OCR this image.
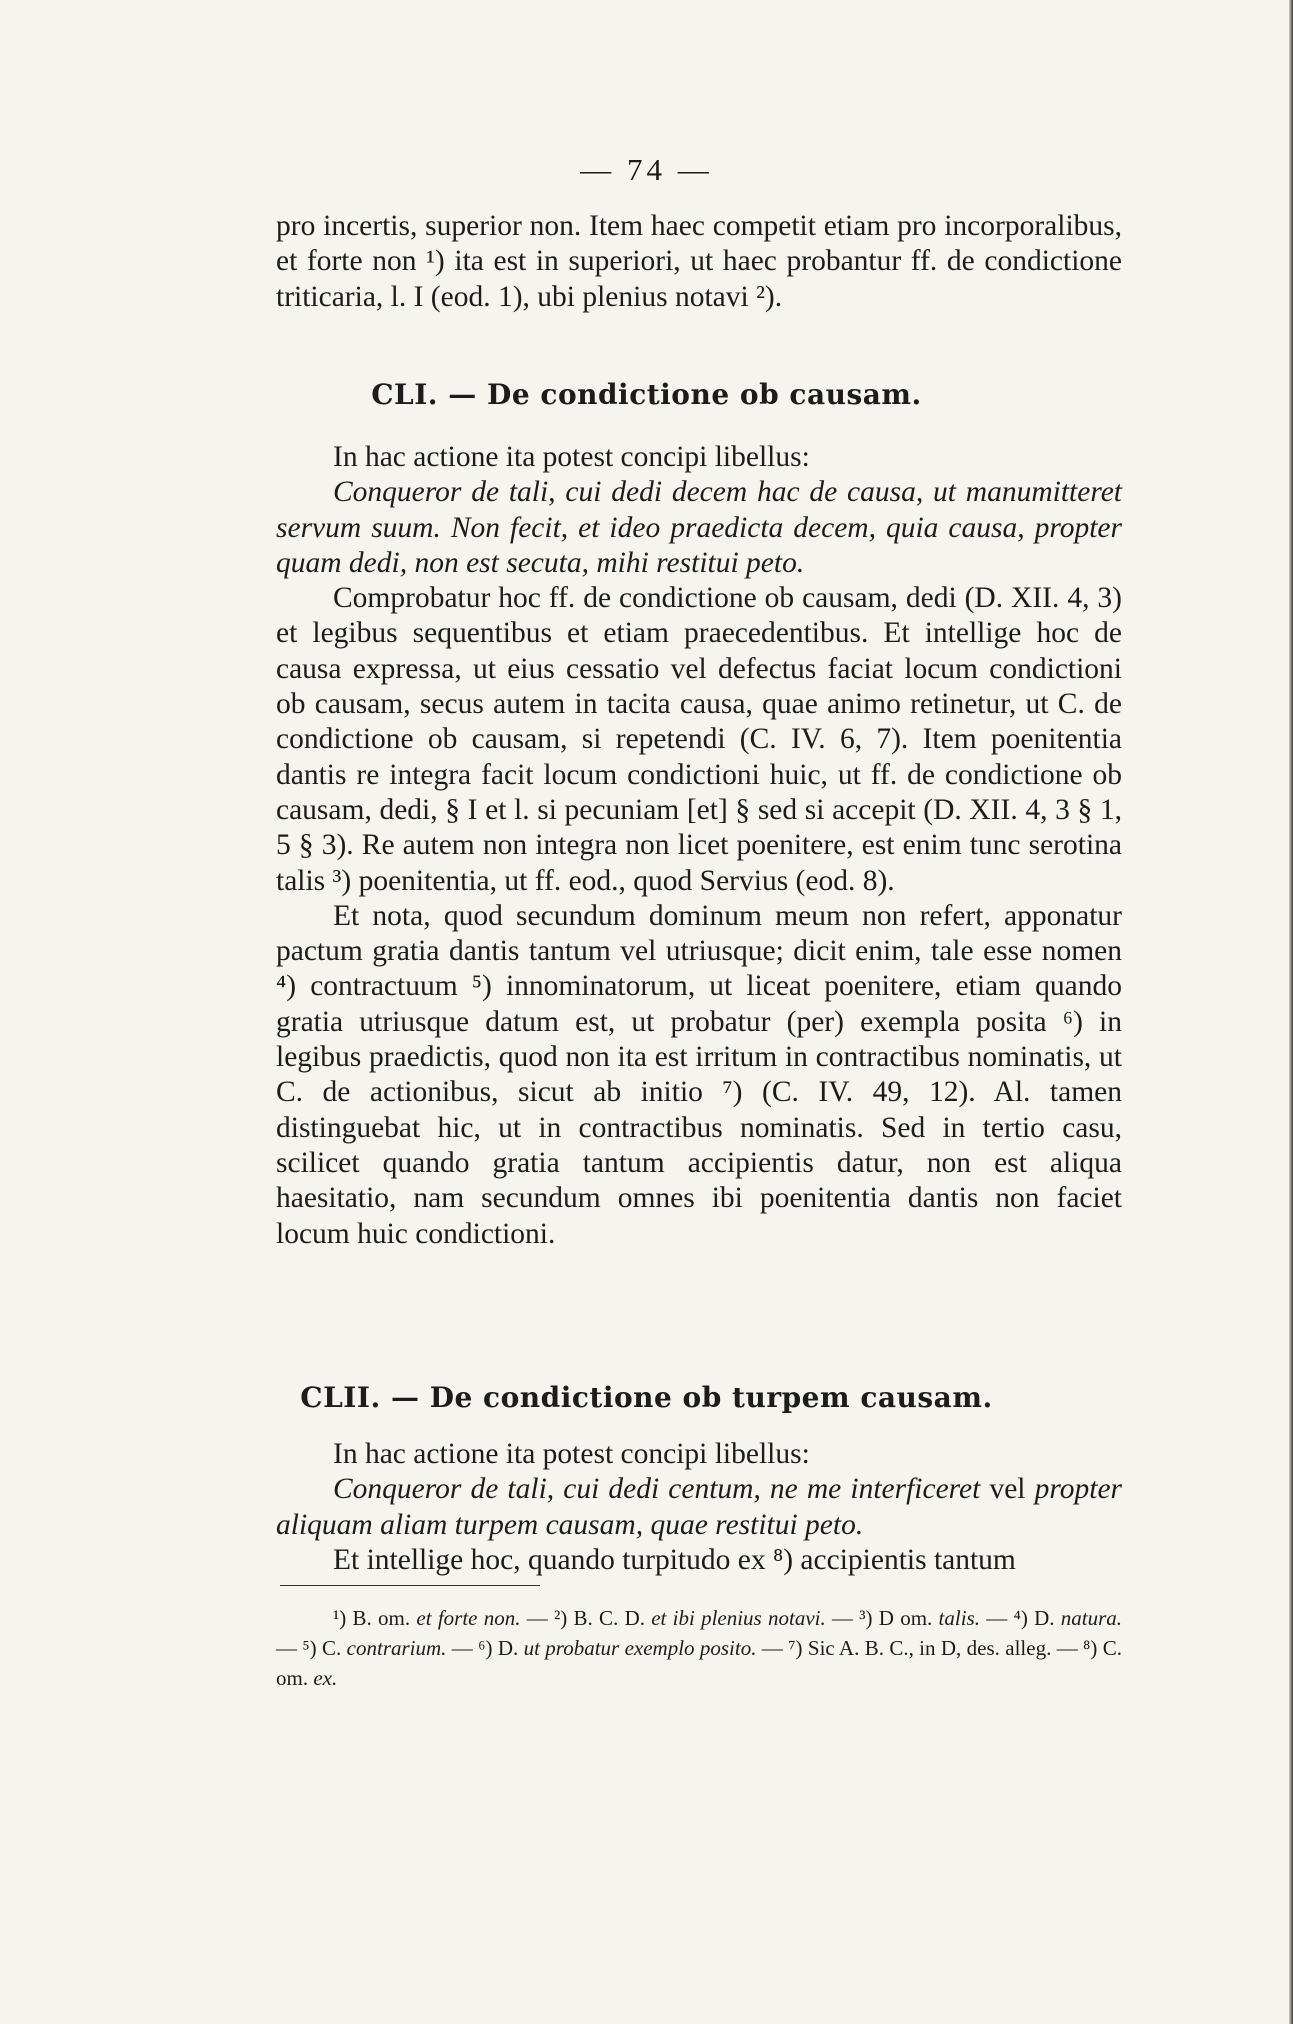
— 74 —

pro incertis, superior non. Item haec competit etiam pro incorporalibus, et forte non ¹) ita est in superiori, ut haec probantur ff. de condictione triticaria, l. I (eod. 1), ubi plenius notavi ²).

CLI. — De condictione ob causam.

In hac actione ita potest concipi libellus:

Conqueror de tali, cui dedi decem hac de causa, ut manumitteret servum suum. Non fecit, et ideo praedicta decem, quia causa, propter quam dedi, non est secuta, mihi restitui peto.

Comprobatur hoc ff. de condictione ob causam, dedi (D. XII. 4, 3) et legibus sequentibus et etiam praecedentibus. Et intellige hoc de causa expressa, ut eius cessatio vel defectus faciat locum condictioni ob causam, secus autem in tacita causa, quae animo retinetur, ut C. de condictione ob causam, si repetendi (C. IV. 6, 7). Item poenitentia dantis re integra facit locum condictioni huic, ut ff. de condictione ob causam, dedi, § I et l. si pecuniam [et] § sed si accepit (D. XII. 4, 3 § 1, 5 § 3). Re autem non integra non licet poenitere, est enim tunc serotina talis ³) poenitentia, ut ff. eod., quod Servius (eod. 8).

Et nota, quod secundum dominum meum non refert, apponatur pactum gratia dantis tantum vel utriusque; dicit enim, tale esse nomen ⁴) contractuum ⁵) innominatorum, ut liceat poenitere, etiam quando gratia utriusque datum est, ut probatur (per) exempla posita ⁶) in legibus praedictis, quod non ita est irritum in contractibus nominatis, ut C. de actionibus, sicut ab initio ⁷) (C. IV. 49, 12). Al. tamen distinguebat hic, ut in contractibus nominatis. Sed in tertio casu, scilicet quando gratia tantum accipientis datur, non est aliqua haesitatio, nam secundum omnes ibi poenitentia dantis non faciet locum huic condictioni.

CLII. — De condictione ob turpem causam.

In hac actione ita potest concipi libellus:

Conqueror de tali, cui dedi centum, ne me interficeret vel propter aliquam aliam turpem causam, quae restitui peto.

Et intellige hoc, quando turpitudo ex ⁸) accipientis tantum

¹) B. om. et forte non. — ²) B. C. D. et ibi plenius notavi. — ³) D om. talis. — ⁴) D. natura. — ⁵) C. contrarium. — ⁶) D. ut probatur exemplo posito. — ⁷) Sic A. B. C., in D, des. alleg. — ⁸) C. om. ex.
